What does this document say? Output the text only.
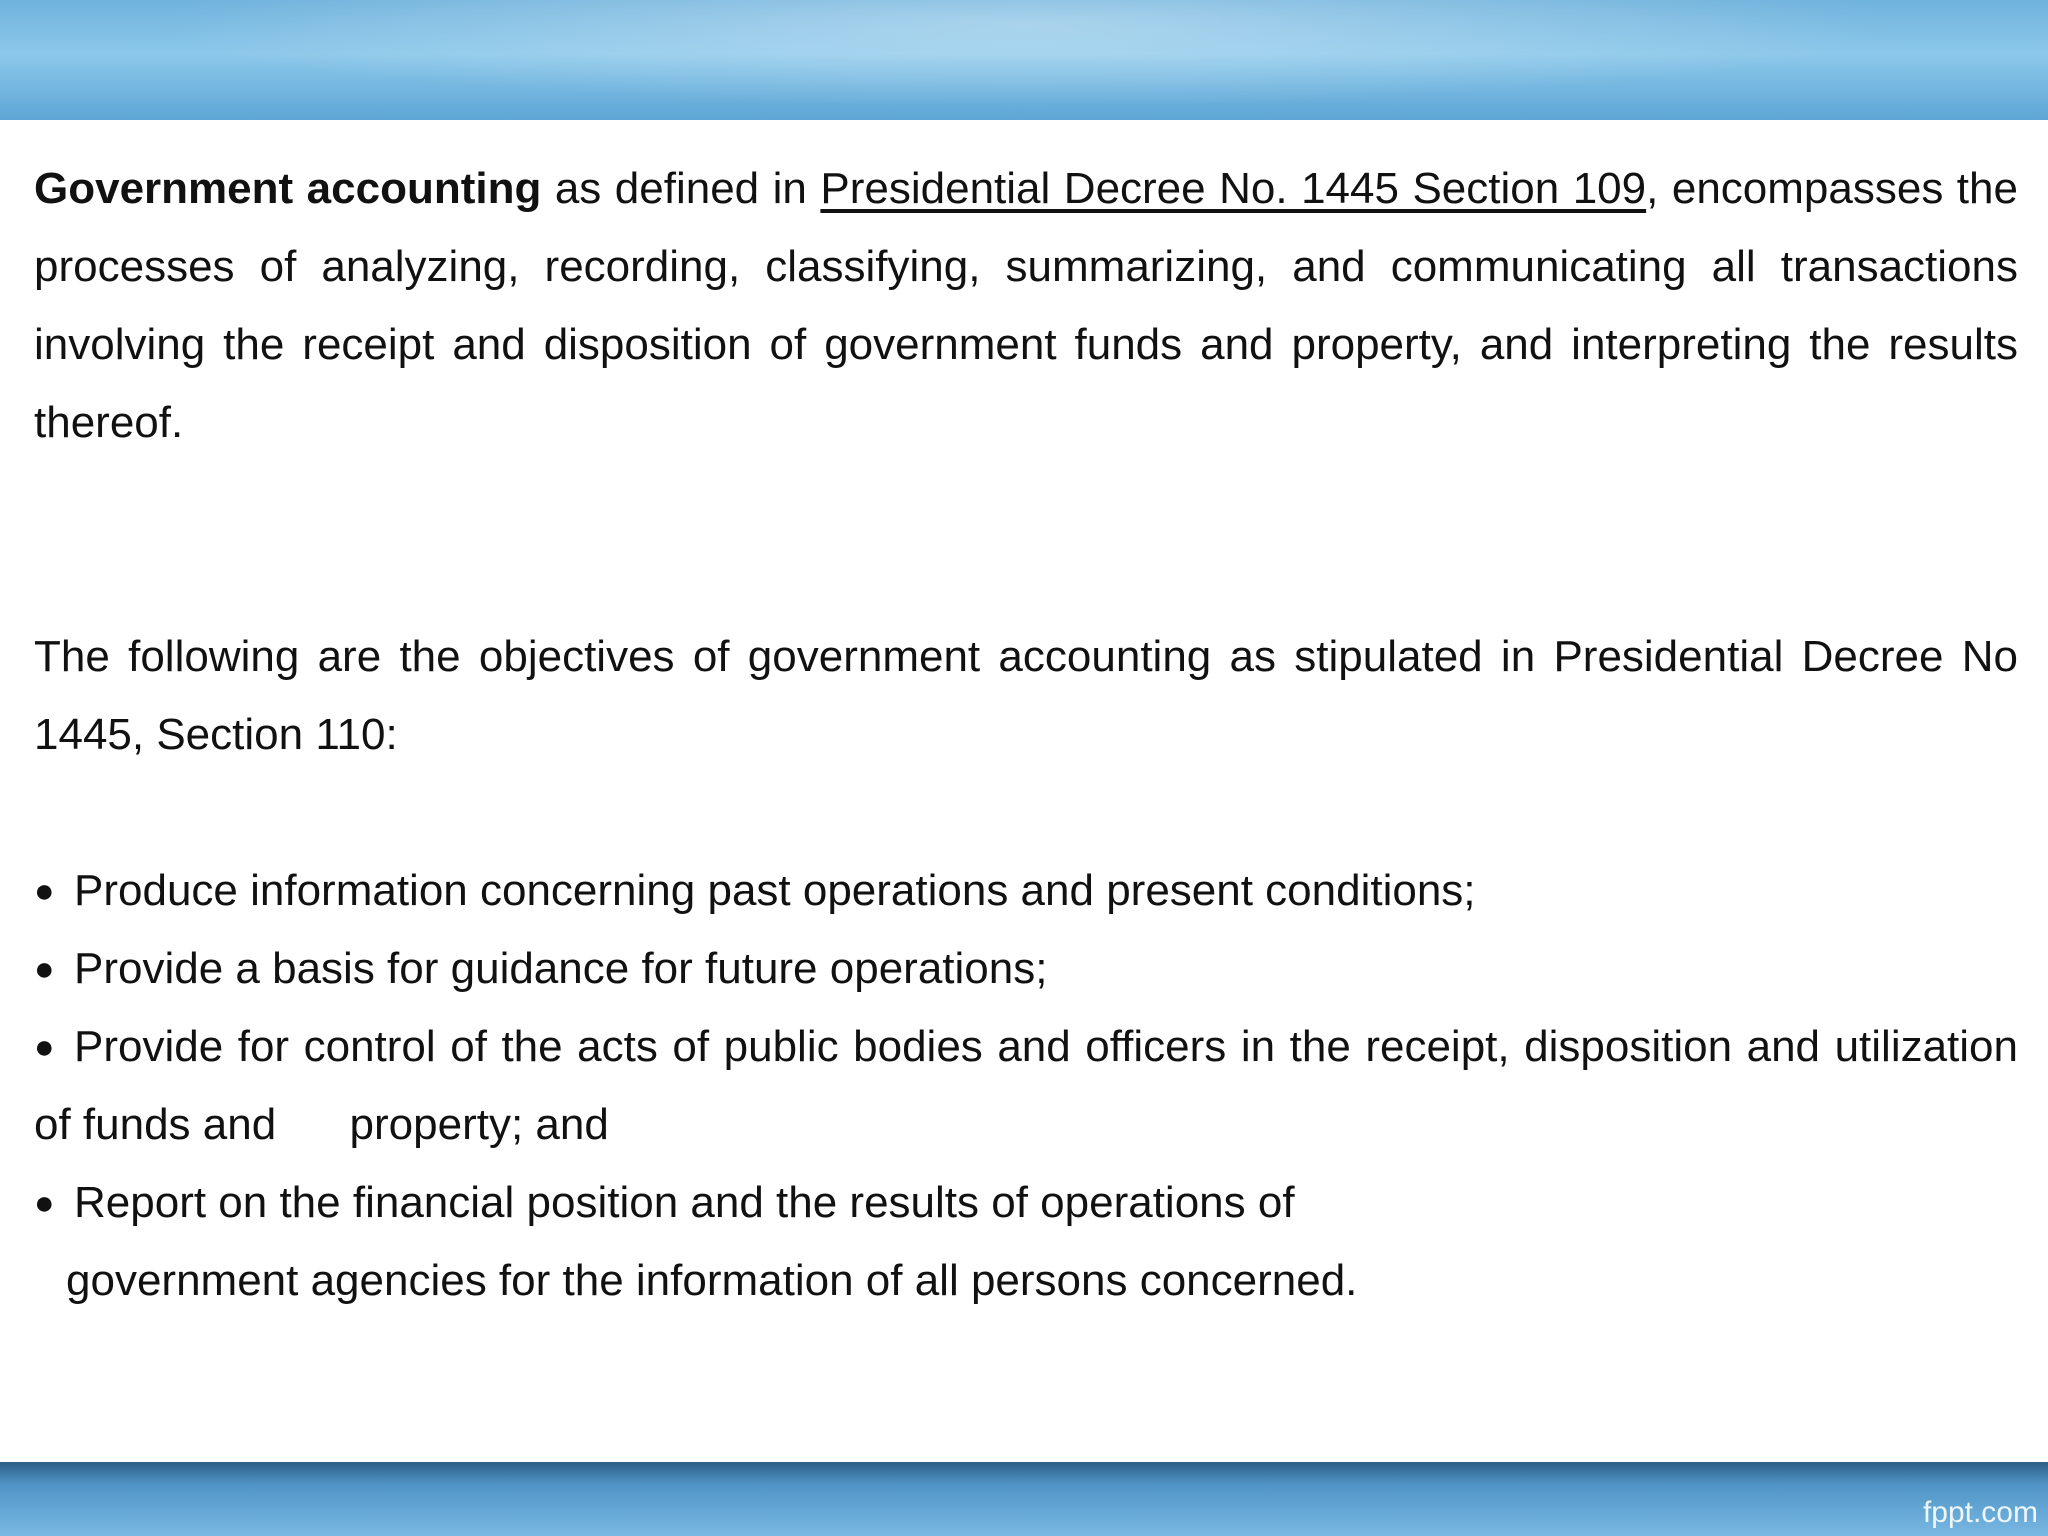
Government accounting as defined in Presidential Decree No. 1445 Section 109, encompasses the processes of analyzing, recording, classifying, summarizing, and communicating all transactions involving the receipt and disposition of government funds and property, and interpreting the results thereof.

The following are the objectives of government accounting as stipulated in Presidential Decree No 1445, Section 110:

● Produce information concerning past operations and present conditions;
● Provide a basis for guidance for future operations;
● Provide for control of the acts of public bodies and officers in the receipt, disposition and utilization of funds and      property; and
● Report on the financial position and the results of operations of
government agencies for the information of all persons concerned.
fppt.com
